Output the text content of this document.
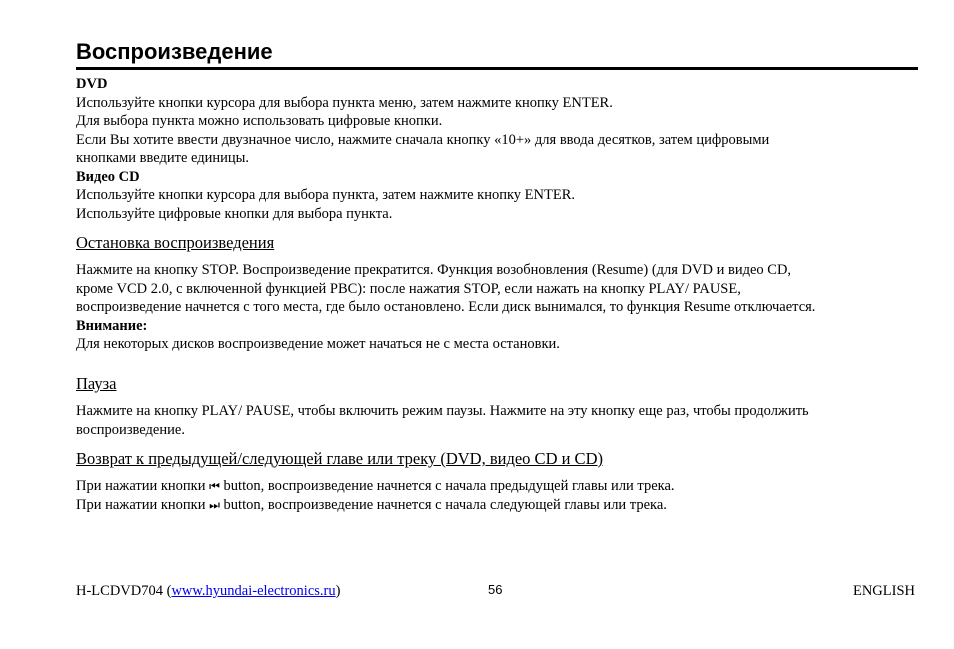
Воспроизведение

DVD

Используйте кнопки курсора для выбора пункта меню, затем нажмите кнопку ENTER.

Для выбора пункта можно использовать цифровые кнопки.

Если Вы хотите ввести двузначное число, нажмите сначала кнопку «10+» для ввода десятков, затем цифровыми

кнопками введите единицы.

Видео CD

Используйте кнопки курсора для выбора пункта, затем нажмите кнопку ENTER.

Используйте цифровые кнопки для выбора пункта.

Остановка воспроизведения

Нажмите на кнопку STOP. Воспроизведение прекратится. Функция возобновления (Resume) (для DVD и видео CD,

кроме VCD 2.0, с включенной функцией PBC): после нажатия STOP, если нажать на кнопку PLAY/ PAUSE,

воспроизведение начнется с того места, где было остановлено. Если диск вынимался, то функция Resume отключается.

Внимание:

Для некоторых дисков воспроизведение может начаться не с места остановки.

Пауза

Нажмите на кнопку PLAY/ PAUSE, чтобы включить режим паузы. Нажмите на эту кнопку еще раз, чтобы продолжить

воспроизведение.

Возврат к предыдущей/следующей главе или треку (DVD, видео CD и CD)

При нажатии кнопки ⏮ button, воспроизведение начнется с начала предыдущей главы или трека.

При нажатии кнопки ⏭ button, воспроизведение начнется с начала следующей главы или трека.

H-LCDVD704 (www.hyundai-electronics.ru)	56	ENGLISH
